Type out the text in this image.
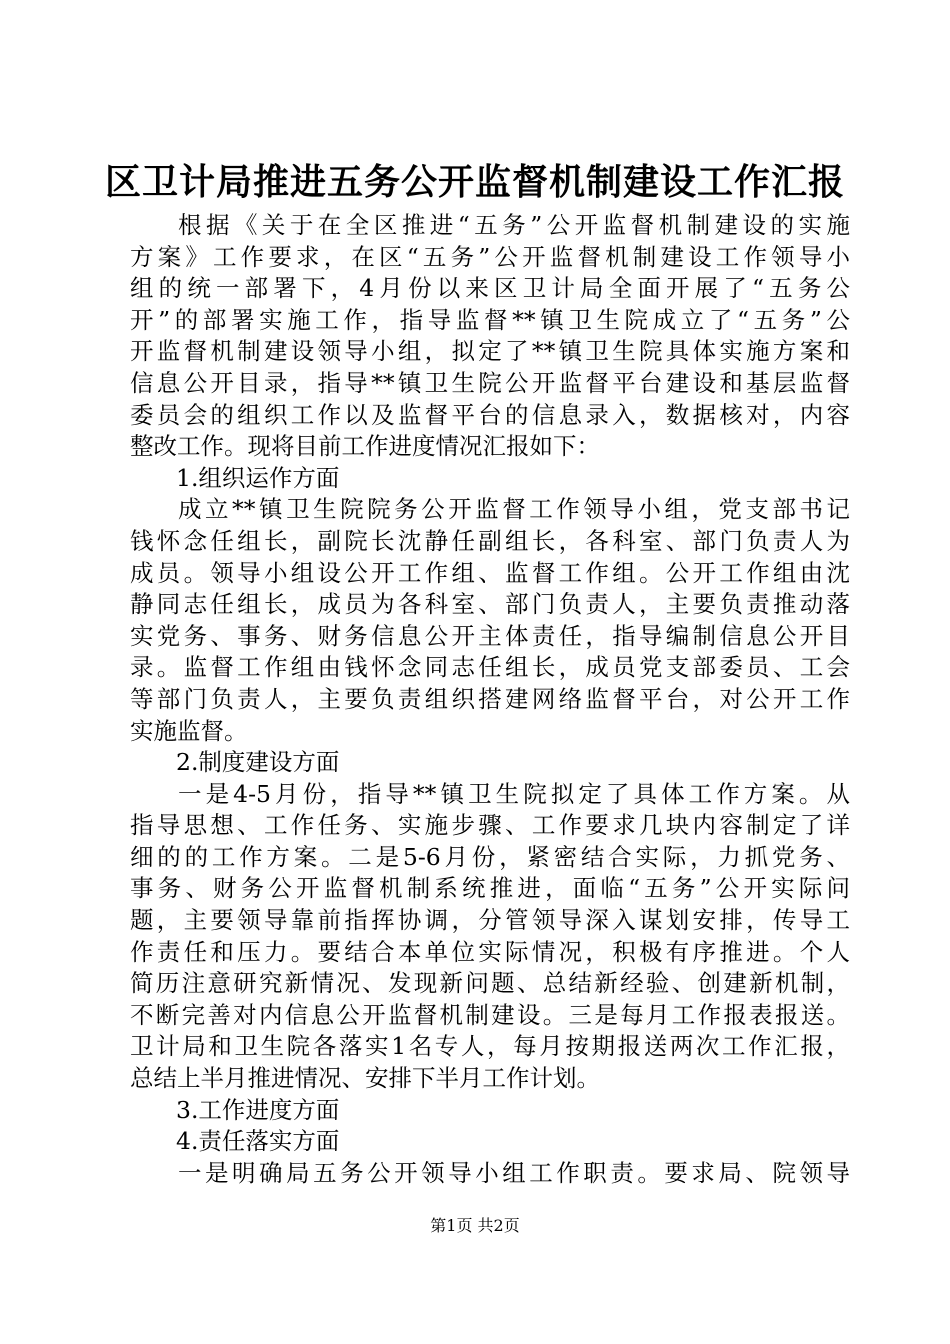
区卫计局推进五务公开监督机制建设工作汇报
根据《关于在全区推进“五务”公开监督机制建设的实施
方案》工作要求，在区“五务”公开监督机制建设工作领导小
组的统一部署下，4月份以来区卫计局全面开展了“五务公
开”的部署实施工作，指导监督**镇卫生院成立了“五务”公
开监督机制建设领导小组，拟定了**镇卫生院具体实施方案和
信息公开目录，指导**镇卫生院公开监督平台建设和基层监督
委员会的组织工作以及监督平台的信息录入，数据核对，内容
整改工作。现将目前工作进度情况汇报如下：
1.组织运作方面
成立**镇卫生院院务公开监督工作领导小组，党支部书记
钱怀念任组长，副院长沈静任副组长，各科室、部门负责人为
成员。领导小组设公开工作组、监督工作组。公开工作组由沈
静同志任组长，成员为各科室、部门负责人，主要负责推动落
实党务、事务、财务信息公开主体责任，指导编制信息公开目
录。监督工作组由钱怀念同志任组长，成员党支部委员、工会
等部门负责人，主要负责组织搭建网络监督平台，对公开工作
实施监督。
2.制度建设方面
一是4-5月份，指导**镇卫生院拟定了具体工作方案。从
指导思想、工作任务、实施步骤、工作要求几块内容制定了详
细的的工作方案。二是5-6月份，紧密结合实际，力抓党务、
事务、财务公开监督机制系统推进，面临“五务”公开实际问
题，主要领导靠前指挥协调，分管领导深入谋划安排，传导工
作责任和压力。要结合本单位实际情况，积极有序推进。个人
简历注意研究新情况、发现新问题、总结新经验、创建新机制，
不断完善对内信息公开监督机制建设。三是每月工作报表报送。
卫计局和卫生院各落实1名专人，每月按期报送两次工作汇报，
总结上半月推进情况、安排下半月工作计划。
3.工作进度方面
4.责任落实方面
一是明确局五务公开领导小组工作职责。要求局、院领导
第1页 共2页
